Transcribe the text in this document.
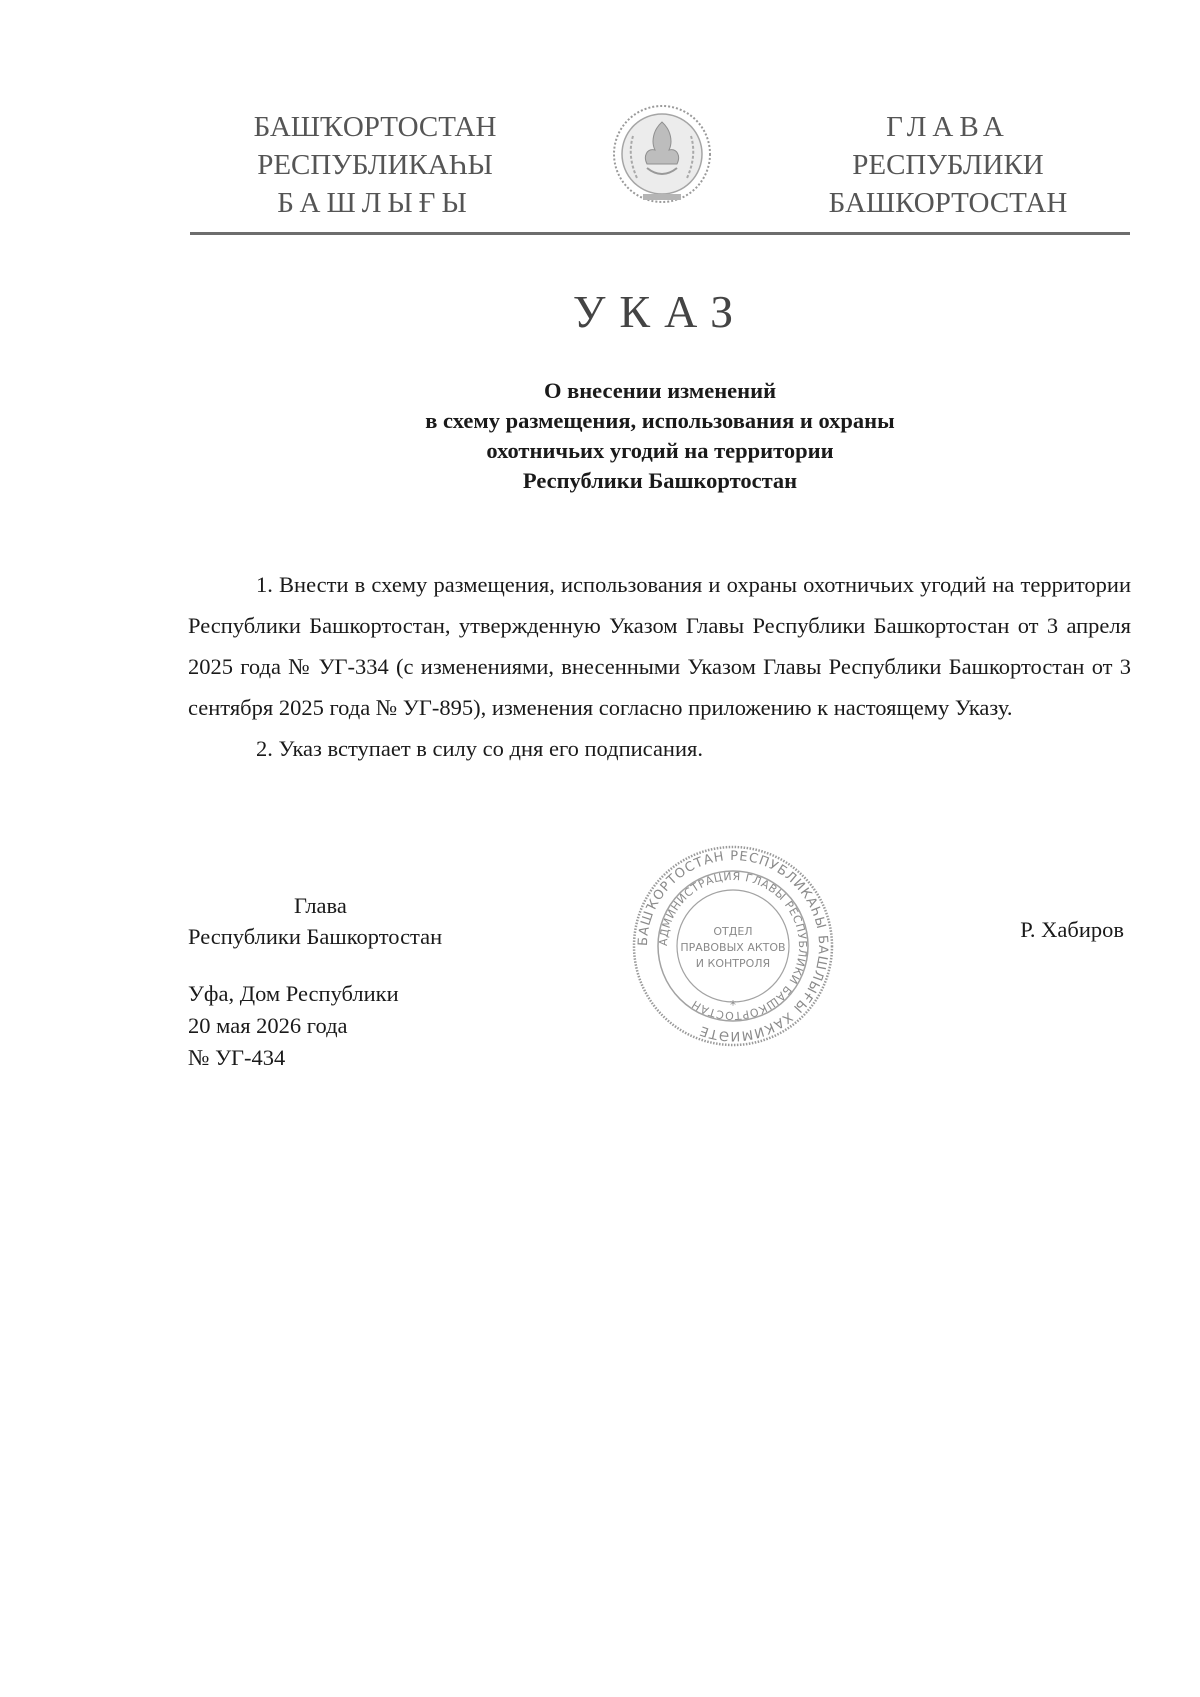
БАШҠОРТОСТАН
РЕСПУБЛИКАҺЫ
БАШЛЫҒЫ
ГЛАВА
РЕСПУБЛИКИ
БАШКОРТОСТАН
УКАЗ
О внесении изменений
в схему размещения, использования и охраны
охотничьих угодий на территории
Республики Башкортостан

1. Внести в схему размещения, использования и охраны охотничьих угодий на территории Республики Башкортостан, утвержденную Указом Главы Республики Башкортостан от 3 апреля 2025 года № УГ-334 (с изменениями, внесенными Указом Главы Республики Башкортостан от 3 сентября 2025 года № УГ-895), изменения согласно приложению к настоящему Указу.

2. Указ вступает в силу со дня его подписания.

Глава
Республики Башкортостан	БАШҠОРТОСТАН РЕСПУБЛИКАҺЫ БАШЛЫҒЫ ХАКИМИӘТЕ
АДМИНИСТРАЦИЯ ГЛАВЫ РЕСПУБЛИКИ БАШКОРТОСТАН
ОТДЕЛ
ПРАВОВЫХ АКТОВ
И КОНТРОЛЯ
*
Р. Хабиров
Уфа, Дом Республики
20 мая 2026 года
№ УГ-434
